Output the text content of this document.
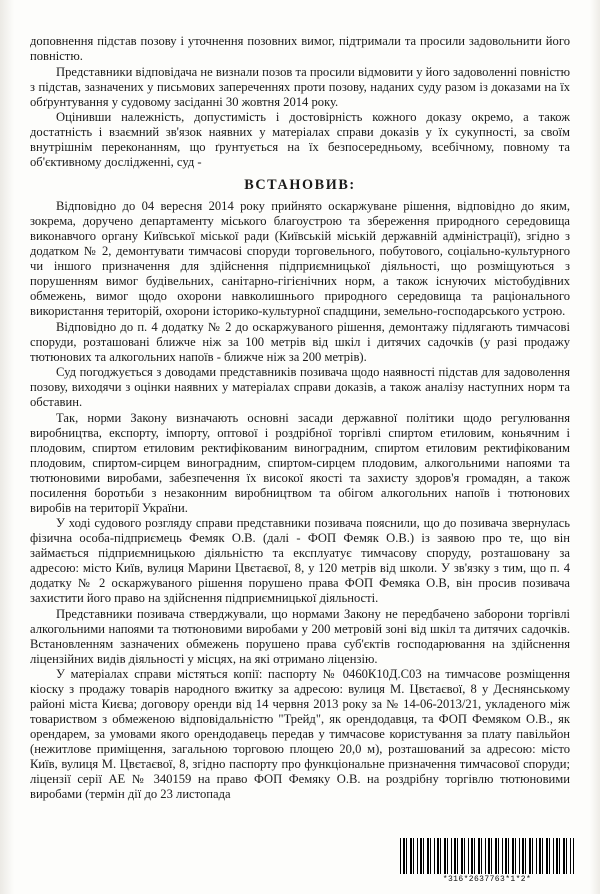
доповнення підстав позову і уточнення позовних вимог, підтримали та просили задовольнити його повністю.

Представники відповідача не визнали позов та просили відмовити у його задоволенні повністю з підстав, зазначених у письмових запереченнях проти позову, наданих суду разом із доказами на їх обґрунтування у судовому засіданні 30 жовтня 2014 року.

Оцінивши належність, допустимість і достовірність кожного доказу окремо, а також достатність і взаємний зв'язок наявних у матеріалах справи доказів у їх сукупності, за своїм внутрішнім переконанням, що ґрунтується на їх безпосередньому, всебічному, повному та об'єктивному дослідженні, суд -

ВСТАНОВИВ:

Відповідно до 04 вересня 2014 року прийнято оскаржуване рішення, відповідно до яким, зокрема, доручено департаменту міського благоустрою та збереження природного середовища виконавчого органу Київської міської ради (Київській міській державній адміністрації), згідно з додатком № 2, демонтувати тимчасові споруди торговельного, побутового, соціально-культурного чи іншого призначення для здійснення підприємницької діяльності, що розміщуються з порушенням вимог будівельних, санітарно-гігієнічних норм, а також існуючих містобудівних обмежень, вимог щодо охорони навколишнього природного середовища та раціонального використання територій, охорони історико-культурної спадщини, земельно-господарського устрою.

Відповідно до п. 4 додатку № 2 до оскаржуваного рішення, демонтажу підлягають тимчасові споруди, розташовані ближче ніж за 100 метрів від шкіл і дитячих садочків (у разі продажу тютюнових та алкогольних напоїв - ближче ніж за 200 метрів).

Суд погоджується з доводами представників позивача щодо наявності підстав для задоволення позову, виходячи з оцінки наявних у матеріалах справи доказів, а також аналізу наступних норм та обставин.

Так, норми Закону визначають основні засади державної політики щодо регулювання виробництва, експорту, імпорту, оптової і роздрібної торгівлі спиртом етиловим, коньячним і плодовим, спиртом етиловим ректифікованим виноградним, спиртом етиловим ректифікованим плодовим, спиртом-сирцем виноградним, спиртом-сирцем плодовим, алкогольними напоями та тютюновими виробами, забезпечення їх високої якості та захисту здоров'я громадян, а також посилення боротьби з незаконним виробництвом та обігом алкогольних напоїв і тютюнових виробів на території України.

У ході судового розгляду справи представники позивача пояснили, що до позивача звернулась фізична особа-підприємець Фемяк О.В. (далі - ФОП Фемяк О.В.) із заявою про те, що він займається підприємницькою діяльністю та експлуатує тимчасову споруду, розташовану за адресою: місто Київ, вулиця Марини Цвєтаєвої, 8, у 120 метрів від школи. У зв'язку з тим, що п. 4 додатку № 2 оскаржуваного рішення порушено права ФОП Фемяка О.В, він просив позивача захистити його право на здійснення підприємницької діяльності.

Представники позивача стверджували, що нормами Закону не передбачено заборони торгівлі алкогольними напоями та тютюновими виробами у 200 метровій зоні від шкіл та дитячих садочків. Встановленням зазначених обмежень порушено права суб'єктів господарювання на здійснення ліцензійних видів діяльності у місцях, на які отримано ліцензію.

У матеріалах справи містяться копії: паспорту № 0460К10Д.С03 на тимчасове розміщення кіоску з продажу товарів народного вжитку за адресою: вулиця М. Цвєтаєвої, 8 у Деснянському районі міста Києва; договору оренди від 14 червня 2013 року за № 14-06-2013/21, укладеного між товариством з обмеженою відповідальністю "Трейд", як орендодавця, та ФОП Фемяком О.В., як орендарем, за умовами якого орендодавець передав у тимчасове користування за плату павільйон (нежитлове приміщення, загальною торговою площею 20,0 м), розташований за адресою: місто Київ, вулиця М. Цвєтаєвої, 8, згідно паспорту про функціональне призначення тимчасової споруди; ліцензії серії АЕ № 340159 на право ФОП Фемяку О.В. на роздрібну торгівлю тютюновими виробами (термін дії до 23 листопада

*316*2637763*1*2*
